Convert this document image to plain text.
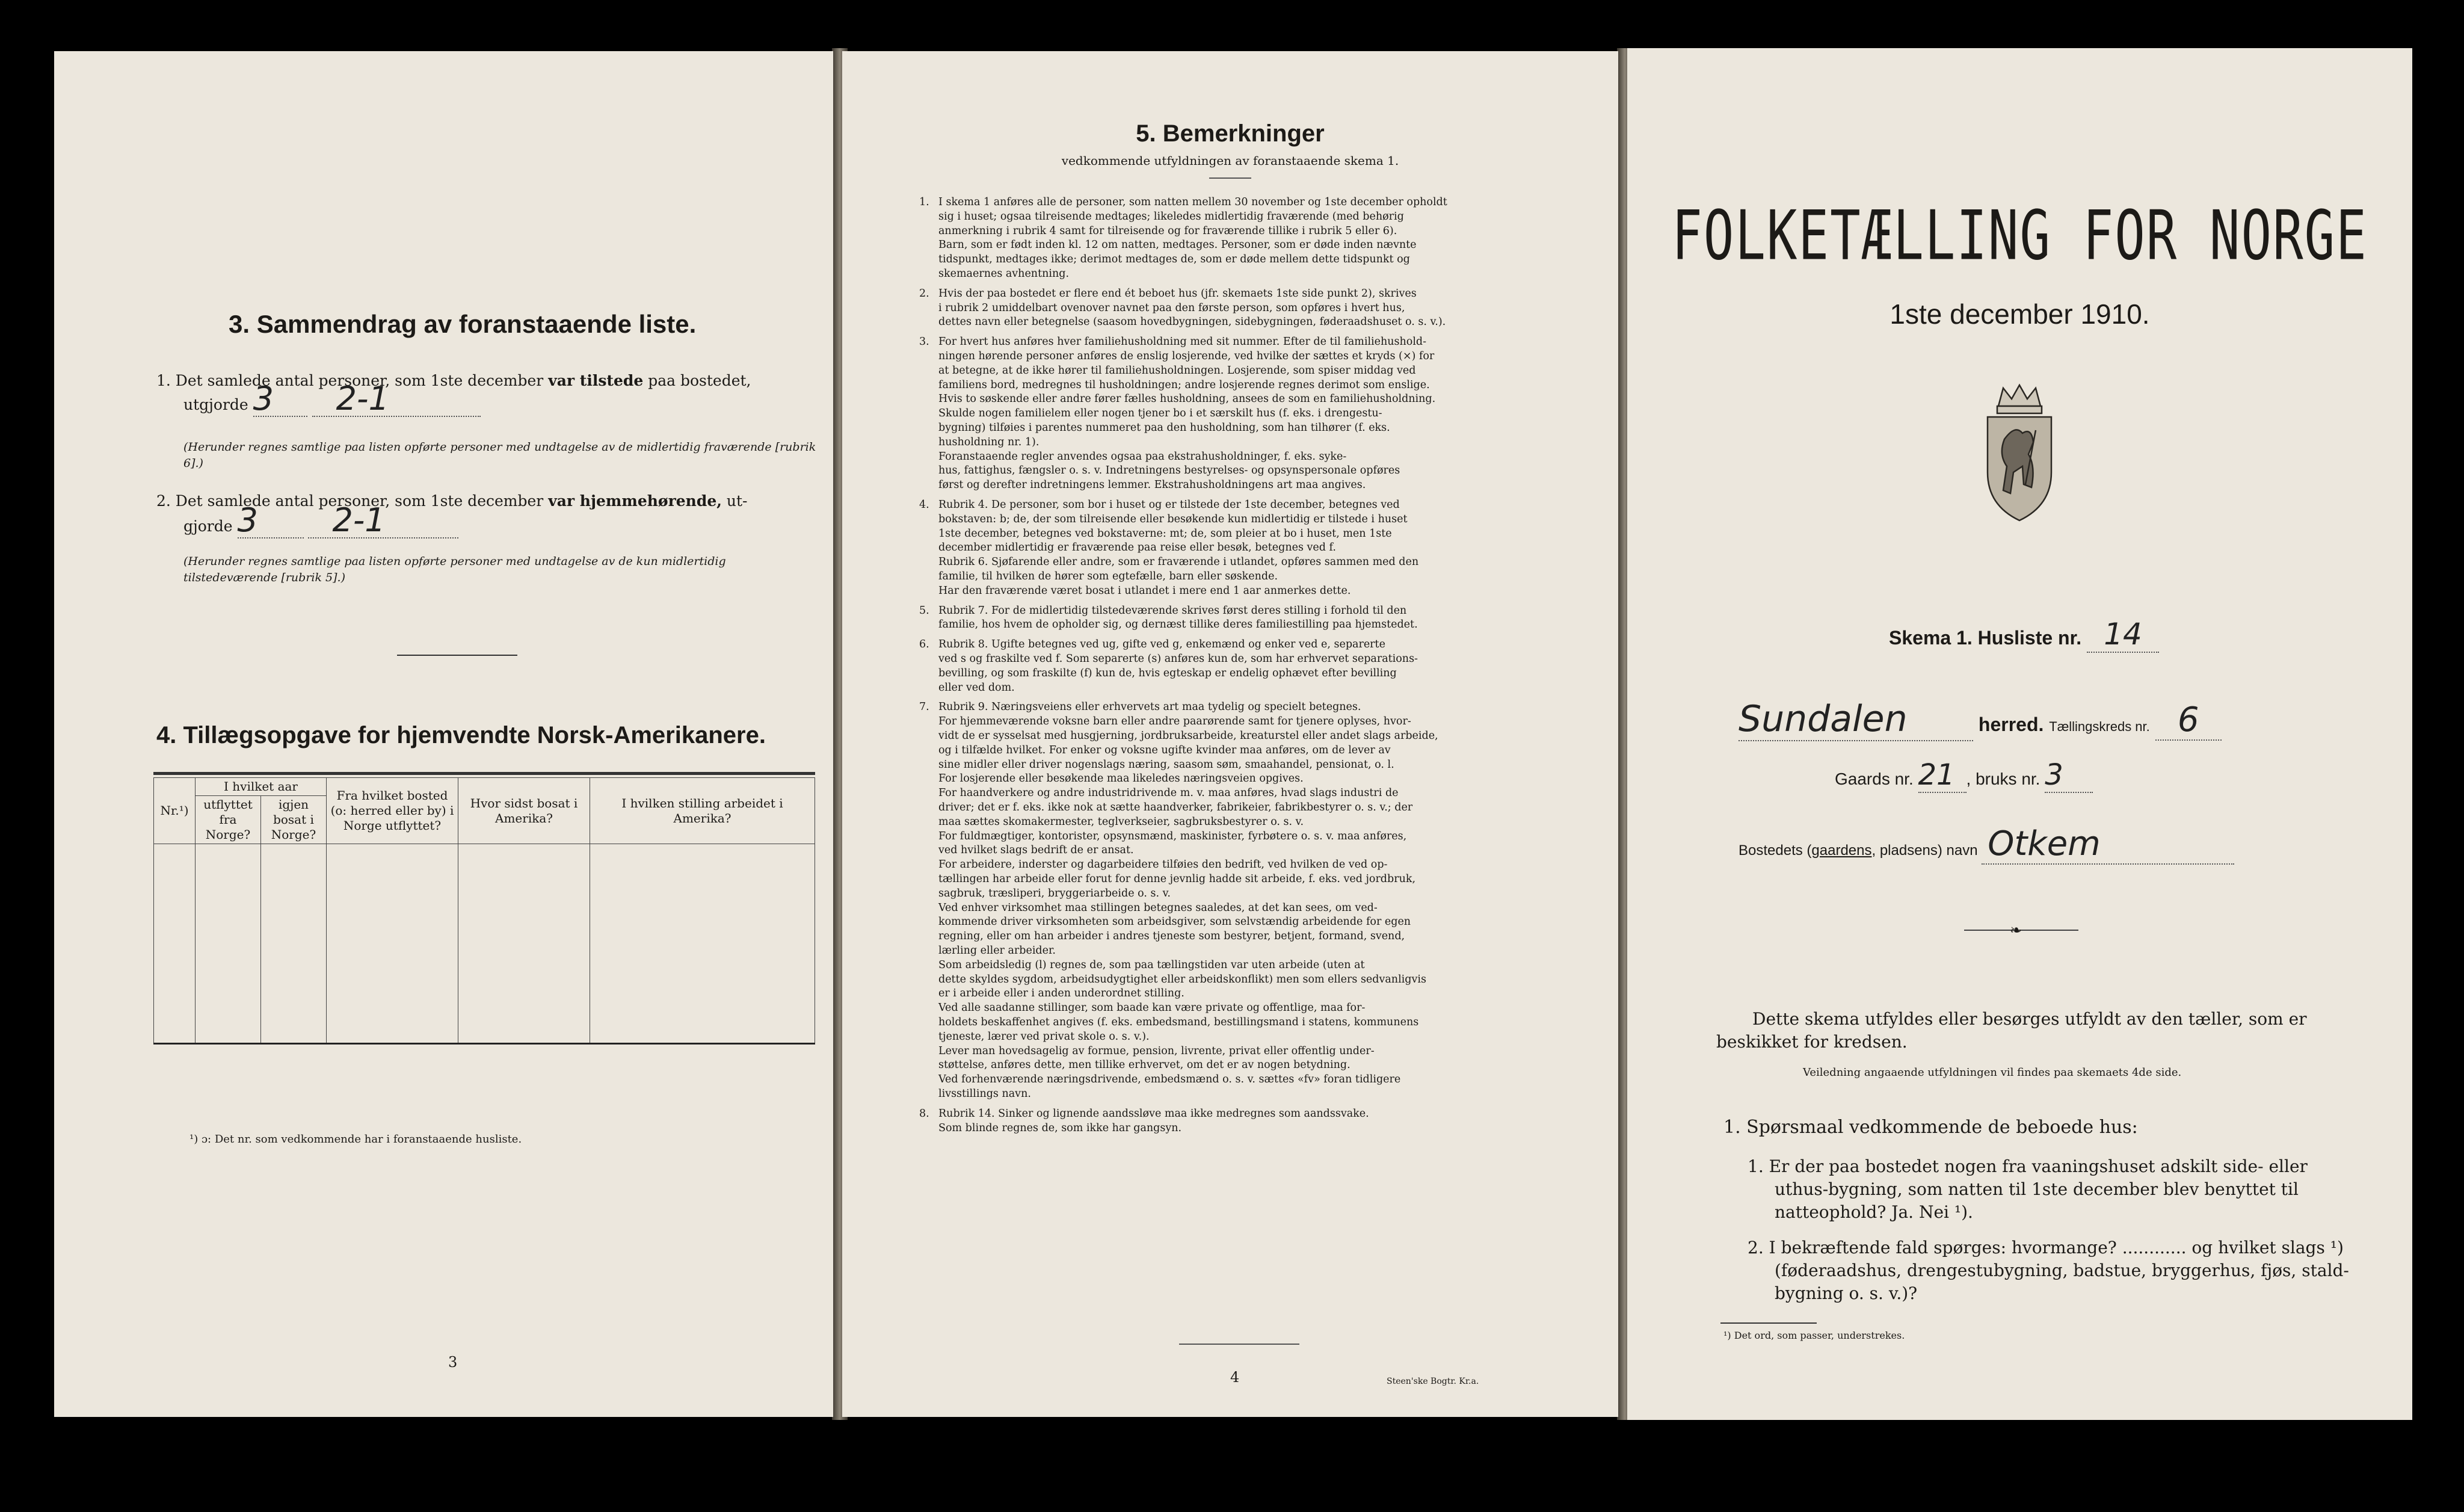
3. Sammendrag av foranstaaende liste.
1. Det samlede antal personer, som 1ste december var tilstede paa bostedet,
utgjorde 3 2-1
(Herunder regnes samtlige paa listen opførte personer med undtagelse av de midlertidig fraværende [rubrik 6].)
2. Det samlede antal personer, som 1ste december var hjemmehørende, ut-
gjorde 3 2-1
(Herunder regnes samtlige paa listen opførte personer med undtagelse av de kun midlertidig tilstedeværende [rubrik 5].)
4. Tillægsopgave for hjemvendte Norsk-Amerikanere.
Nr.¹)	I hvilket aar		Fra hvilket bosted (o: herred eller by) i Norge utflyttet?	Hvor sidst bosat i Amerika?	I hvilken stilling arbeidet i Amerika?
	utflyttet fra Norge?	igjen bosat i Norge?			

¹) ɔ: Det nr. som vedkommende har i foranstaaende husliste.
3
5. Bemerkninger
vedkommende utfyldningen av foranstaaende skema 1.
1. I skema 1 anføres alle de personer, som natten mellem 30 november og 1ste december opholdt
sig i huset; ogsaa tilreisende medtages; likeledes midlertidig fraværende (med behørig
anmerkning i rubrik 4 samt for tilreisende og for fraværende tillike i rubrik 5 eller 6).
Barn, som er født inden kl. 12 om natten, medtages. Personer, som er døde inden nævnte
tidspunkt, medtages ikke; derimot medtages de, som er døde mellem dette tidspunkt og
skemaernes avhentning.
2. Hvis der paa bostedet er flere end ét beboet hus (jfr. skemaets 1ste side punkt 2), skrives
i rubrik 2 umiddelbart ovenover navnet paa den første person, som opføres i hvert hus,
dettes navn eller betegnelse (saasom hovedbygningen, sidebygningen, føderaadshuset o. s. v.).
3. For hvert hus anføres hver familiehusholdning med sit nummer. Efter de til familiehushold-
ningen hørende personer anføres de enslig losjerende, ved hvilke der sættes et kryds (×) for
at betegne, at de ikke hører til familiehusholdningen. Losjerende, som spiser middag ved
familiens bord, medregnes til husholdningen; andre losjerende regnes derimot som enslige.
Hvis to søskende eller andre fører fælles husholdning, ansees de som en familiehusholdning.
Skulde nogen familielem eller nogen tjener bo i et særskilt hus (f. eks. i drengestu-
bygning) tilføies i parentes nummeret paa den husholdning, som han tilhører (f. eks.
husholdning nr. 1).
Foranstaaende regler anvendes ogsaa paa ekstrahusholdninger, f. eks. syke-
hus, fattighus, fængsler o. s. v. Indretningens bestyrelses- og opsynspersonale opføres
først og derefter indretningens lemmer. Ekstrahusholdningens art maa angives.
4. Rubrik 4. De personer, som bor i huset og er tilstede der 1ste december, betegnes ved
bokstaven: b; de, der som tilreisende eller besøkende kun midlertidig er tilstede i huset
1ste december, betegnes ved bokstaverne: mt; de, som pleier at bo i huset, men 1ste
december midlertidig er fraværende paa reise eller besøk, betegnes ved f.
Rubrik 6. Sjøfarende eller andre, som er fraværende i utlandet, opføres sammen med den
familie, til hvilken de hører som egtefælle, barn eller søskende.
Har den fraværende været bosat i utlandet i mere end 1 aar anmerkes dette.
5. Rubrik 7. For de midlertidig tilstedeværende skrives først deres stilling i forhold til den
familie, hos hvem de opholder sig, og dernæst tillike deres familiestilling paa hjemstedet.
6. Rubrik 8. Ugifte betegnes ved ug, gifte ved g, enkemænd og enker ved e, separerte
ved s og fraskilte ved f. Som separerte (s) anføres kun de, som har erhvervet separations-
bevilling, og som fraskilte (f) kun de, hvis egteskap er endelig ophævet efter bevilling
eller ved dom.
7. Rubrik 9. Næringsveiens eller erhvervets art maa tydelig og specielt betegnes.
For hjemmeværende voksne barn eller andre paarørende samt for tjenere oplyses, hvor-
vidt de er sysselsat med husgjerning, jordbruksarbeide, kreaturstel eller andet slags arbeide,
og i tilfælde hvilket. For enker og voksne ugifte kvinder maa anføres, om de lever av
sine midler eller driver nogenslags næring, saasom søm, smaahandel, pensionat, o. l.
For losjerende eller besøkende maa likeledes næringsveien opgives.
For haandverkere og andre industridrivende m. v. maa anføres, hvad slags industri de
driver; det er f. eks. ikke nok at sætte haandverker, fabrikeier, fabrikbestyrer o. s. v.; der
maa sættes skomakermester, teglverkseier, sagbruksbestyrer o. s. v.
For fuldmægtiger, kontorister, opsynsmænd, maskinister, fyrbøtere o. s. v. maa anføres,
ved hvilket slags bedrift de er ansat.
For arbeidere, inderster og dagarbeidere tilføies den bedrift, ved hvilken de ved op-
tællingen har arbeide eller forut for denne jevnlig hadde sit arbeide, f. eks. ved jordbruk,
sagbruk, træsliperi, bryggeriarbeide o. s. v.
Ved enhver virksomhet maa stillingen betegnes saaledes, at det kan sees, om ved-
kommende driver virksomheten som arbeidsgiver, som selvstændig arbeidende for egen
regning, eller om han arbeider i andres tjeneste som bestyrer, betjent, formand, svend,
lærling eller arbeider.
Som arbeidsledig (l) regnes de, som paa tællingstiden var uten arbeide (uten at
dette skyldes sygdom, arbeidsudygtighet eller arbeidskonflikt) men som ellers sedvanligvis
er i arbeide eller i anden underordnet stilling.
Ved alle saadanne stillinger, som baade kan være private og offentlige, maa for-
holdets beskaffenhet angives (f. eks. embedsmand, bestillingsmand i statens, kommunens
tjeneste, lærer ved privat skole o. s. v.).
Lever man hovedsagelig av formue, pension, livrente, privat eller offentlig under-
støttelse, anføres dette, men tillike erhvervet, om det er av nogen betydning.
Ved forhenværende næringsdrivende, embedsmænd o. s. v. sættes «fv» foran tidligere
livsstillings navn.
8. Rubrik 14. Sinker og lignende aandssløve maa ikke medregnes som aandssvake.
Som blinde regnes de, som ikke har gangsyn.
4	Steen'ske Bogtr. Kr.a.
FOLKETÆLLING FOR NORGE
1ste december 1910.
Skema 1. Husliste nr. 14
Sundalen	herred. Tællingskreds nr. 6
Gaards nr. 21 , bruks nr. 3
Bostedets (gaardens, pladsens) navn Otkem
❧
Dette skema utfyldes eller besørges utfyldt av den tæller, som er
beskikket for kredsen.
Veiledning angaaende utfyldningen vil findes paa skemaets 4de side.
1. Spørsmaal vedkommende de beboede hus:
1. Er der paa bostedet nogen fra vaaningshuset adskilt side- eller
uthus-bygning, som natten til 1ste december blev benyttet til
natteophold? Ja. Nei ¹).
2. I bekræftende fald spørges: hvormange? ............ og hvilket slags ¹)
(føderaadshus, drengestubygning, badstue, bryggerhus, fjøs, stald-
bygning o. s. v.)?
¹) Det ord, som passer, understrekes.
